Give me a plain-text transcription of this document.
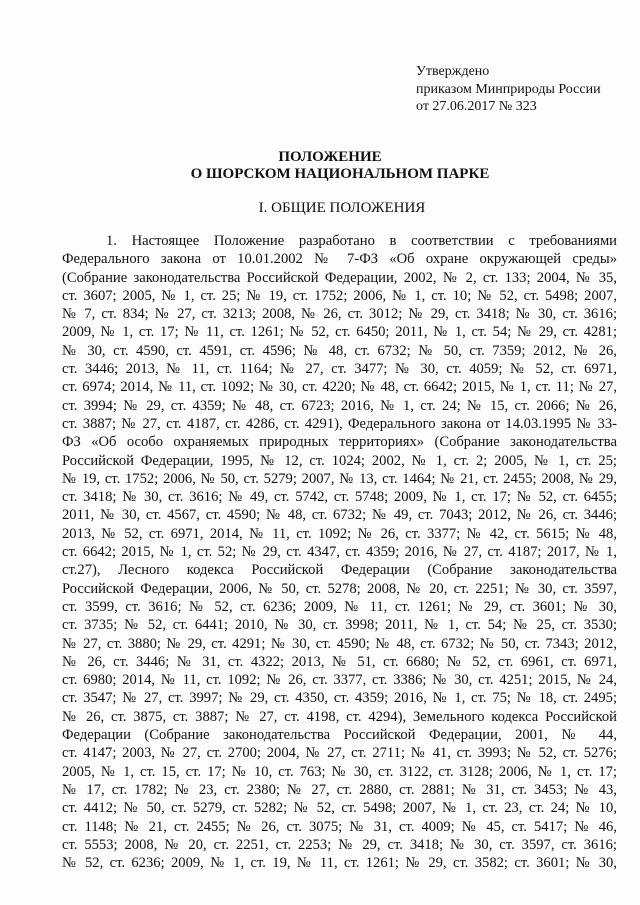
Утверждено
приказом Минприроды России
от 27.06.2017 № 323
ПОЛОЖЕНИЕ
О ШОРСКОМ НАЦИОНАЛЬНОМ ПАРКЕ
I. ОБЩИЕ ПОЛОЖЕНИЯ
1. Настоящее Положение разработано в соответствии с требованиями
Федерального закона от 10.01.2002 № 7-ФЗ «Об охране окружающей среды»
(Собрание законодательства Российской Федерации, 2002, № 2, ст. 133; 2004, № 35,
ст. 3607; 2005, № 1, ст. 25; № 19, ст. 1752; 2006, № 1, ст. 10; № 52, ст. 5498; 2007,
№ 7, ст. 834; № 27, ст. 3213; 2008, № 26, ст. 3012; № 29, ст. 3418; № 30, ст. 3616;
2009, № 1, ст. 17; № 11, ст. 1261; № 52, ст. 6450; 2011, № 1, ст. 54; № 29, ст. 4281;
№ 30, ст. 4590, ст. 4591, ст. 4596; № 48, ст. 6732; № 50, ст. 7359; 2012, № 26,
ст. 3446; 2013, № 11, ст. 1164; № 27, ст. 3477; № 30, ст. 4059; № 52, ст. 6971,
ст. 6974; 2014, № 11, ст. 1092; № 30, ст. 4220; № 48, ст. 6642; 2015, № 1, ст. 11; № 27,
ст. 3994; № 29, ст. 4359; № 48, ст. 6723; 2016, № 1, ст. 24; № 15, ст. 2066; № 26,
ст. 3887; № 27, ст. 4187, ст. 4286, ст. 4291), Федерального закона от 14.03.1995 № 33-
ФЗ «Об особо охраняемых природных территориях» (Собрание законодательства
Российской Федерации, 1995, № 12, ст. 1024; 2002, № 1, ст. 2; 2005, № 1, ст. 25;
№ 19, ст. 1752; 2006, № 50, ст. 5279; 2007, № 13, ст. 1464; № 21, ст. 2455; 2008, № 29,
ст. 3418; № 30, ст. 3616; № 49, ст. 5742, ст. 5748; 2009, № 1, ст. 17; № 52, ст. 6455;
2011, № 30, ст. 4567, ст. 4590; № 48, ст. 6732; № 49, ст. 7043; 2012, № 26, ст. 3446;
2013, № 52, ст. 6971, 2014, № 11, ст. 1092; № 26, ст. 3377; № 42, ст. 5615; № 48,
ст. 6642; 2015, № 1, ст. 52; № 29, ст. 4347, ст. 4359; 2016, № 27, ст. 4187; 2017, № 1,
ст.27), Лесного кодекса Российской Федерации (Собрание законодательства
Российской Федерации, 2006, № 50, ст. 5278; 2008, № 20, ст. 2251; № 30, ст. 3597,
ст. 3599, ст. 3616; № 52, ст. 6236; 2009, № 11, ст. 1261; № 29, ст. 3601; № 30,
ст. 3735; № 52, ст. 6441; 2010, № 30, ст. 3998; 2011, № 1, ст. 54; № 25, ст. 3530;
№ 27, ст. 3880; № 29, ст. 4291; № 30, ст. 4590; № 48, ст. 6732; № 50, ст. 7343; 2012,
№ 26, ст. 3446; № 31, ст. 4322; 2013, № 51, ст. 6680; № 52, ст. 6961, ст. 6971,
ст. 6980; 2014, № 11, ст. 1092; № 26, ст. 3377, ст. 3386; № 30, ст. 4251; 2015, № 24,
ст. 3547; № 27, ст. 3997; № 29, ст. 4350, ст. 4359; 2016, № 1, ст. 75; № 18, ст. 2495;
№ 26, ст. 3875, ст. 3887; № 27, ст. 4198, ст. 4294), Земельного кодекса Российской
Федерации (Собрание законодательства Российской Федерации, 2001, № 44,
ст. 4147; 2003, № 27, ст. 2700; 2004, № 27, ст. 2711; № 41, ст. 3993; № 52, ст. 5276;
2005, № 1, ст. 15, ст. 17; № 10, ст. 763; № 30, ст. 3122, ст. 3128; 2006, № 1, ст. 17;
№ 17, ст. 1782; № 23, ст. 2380; № 27, ст. 2880, ст. 2881; № 31, ст. 3453; № 43,
ст. 4412; № 50, ст. 5279, ст. 5282; № 52, ст. 5498; 2007, № 1, ст. 23, ст. 24; № 10,
ст. 1148; № 21, ст. 2455; № 26, ст. 3075; № 31, ст. 4009; № 45, ст. 5417; № 46,
ст. 5553; 2008, № 20, ст. 2251, ст. 2253; № 29, ст. 3418; № 30, ст. 3597, ст. 3616;
№ 52, ст. 6236; 2009, № 1, ст. 19, № 11, ст. 1261; № 29, ст. 3582; ст. 3601; № 30,
